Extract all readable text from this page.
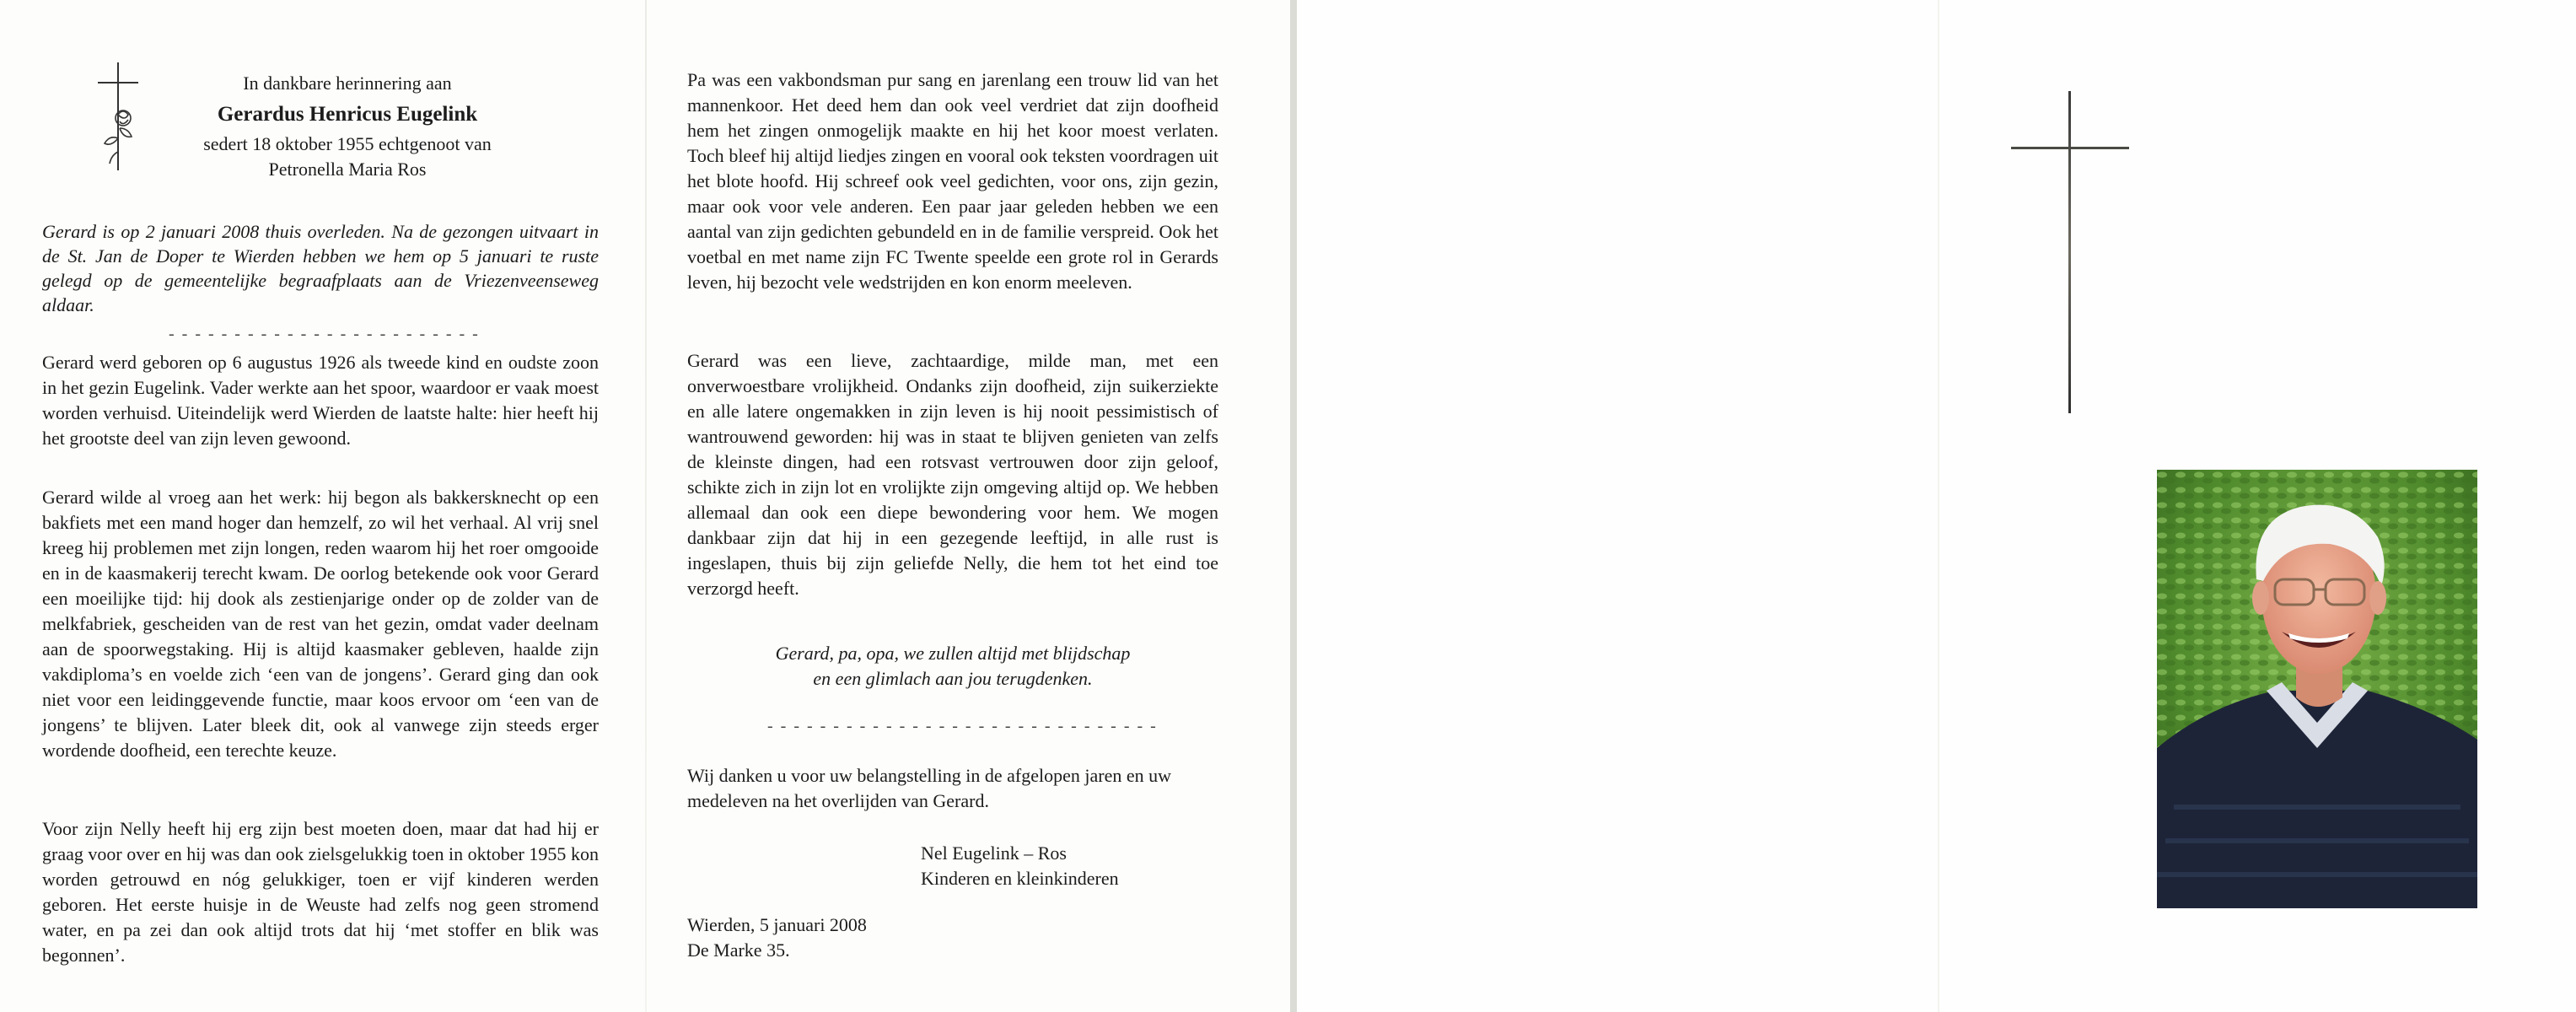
In dankbare herinnering aan
Gerardus Henricus Eugelink
sedert 18 oktober 1955 echtgenoot van
Petronella Maria Ros
Gerard is op 2 januari 2008 thuis overleden. Na de gezongen uitvaart in de St. Jan de Doper te Wierden hebben we hem op 5 januari te ruste gelegd op de gemeentelijke begraafplaats aan de Vriezenveenseweg aldaar.
- - - - - - - - - - - - - - - - - - - - - - - -
Gerard werd geboren op 6 augustus 1926 als tweede kind en oudste zoon in het gezin Eugelink. Vader werkte aan het spoor, waardoor er vaak moest worden verhuisd. Uiteindelijk werd Wierden de laatste halte: hier heeft hij het grootste deel van zijn leven gewoond.
Gerard wilde al vroeg aan het werk: hij begon als bakkersknecht op een bakfiets met een mand hoger dan hemzelf, zo wil het verhaal. Al vrij snel kreeg hij problemen met zijn longen, reden waarom hij het roer omgooide en in de kaasmakerij terecht kwam. De oorlog betekende ook voor Gerard een moeilijke tijd: hij dook als zestienjarige onder op de zolder van de melkfabriek, gescheiden van de rest van het gezin, omdat vader deelnam aan de spoorwegstaking. Hij is altijd kaasmaker gebleven, haalde zijn vakdiploma’s en voelde zich ‘een van de jongens’. Gerard ging dan ook niet voor een leidinggevende functie, maar koos ervoor om ‘een van de jongens’ te blijven. Later bleek dit, ook al vanwege zijn steeds erger wordende doofheid, een terechte keuze.
Voor zijn Nelly heeft hij erg zijn best moeten doen, maar dat had hij er graag voor over en hij was dan ook zielsgelukkig toen in oktober 1955 kon worden getrouwd en nóg gelukkiger, toen er vijf kinderen werden geboren. Het eerste huisje in de Weuste had zelfs nog geen stromend water, en pa zei dan ook altijd trots dat hij ‘met stoffer en blik was begonnen’.
Pa was een vakbondsman pur sang en jarenlang een trouw lid van het mannenkoor. Het deed hem dan ook veel verdriet dat zijn doofheid hem het zingen onmogelijk maakte en hij het koor moest verlaten. Toch bleef hij altijd liedjes zingen en vooral ook teksten voordragen uit het blote hoofd. Hij schreef ook veel gedichten, voor ons, zijn gezin, maar ook voor vele anderen. Een paar jaar geleden hebben we een aantal van zijn gedichten gebundeld en in de familie verspreid. Ook het voetbal en met name zijn FC Twente speelde een grote rol in Gerards leven, hij bezocht vele wedstrijden en kon enorm meeleven.
Gerard was een lieve, zachtaardige, milde man, met een onverwoestbare vrolijkheid. Ondanks zijn doofheid, zijn suikerziekte en alle latere ongemakken in zijn leven is hij nooit pessimistisch of wantrouwend geworden: hij was in staat te blijven genieten van zelfs de kleinste dingen, had een rotsvast vertrouwen door zijn geloof, schikte zich in zijn lot en vrolijkte zijn omgeving altijd op. We hebben allemaal dan ook een diepe bewondering voor hem. We mogen dankbaar zijn dat hij in een gezegende leeftijd, in alle rust is ingeslapen, thuis bij zijn geliefde Nelly, die hem tot het eind toe verzorgd heeft.
Gerard, pa, opa, we zullen altijd met blijdschap
en een glimlach aan jou terugdenken.
- - - - - - - - - - - - - - - - - - - - - - - - - - - - - -
Wij danken u voor uw belangstelling in de afgelopen jaren en uw medeleven na het overlijden van Gerard.
Nel Eugelink – Ros
Kinderen en kleinkinderen
Wierden, 5 januari 2008
De Marke 35.
